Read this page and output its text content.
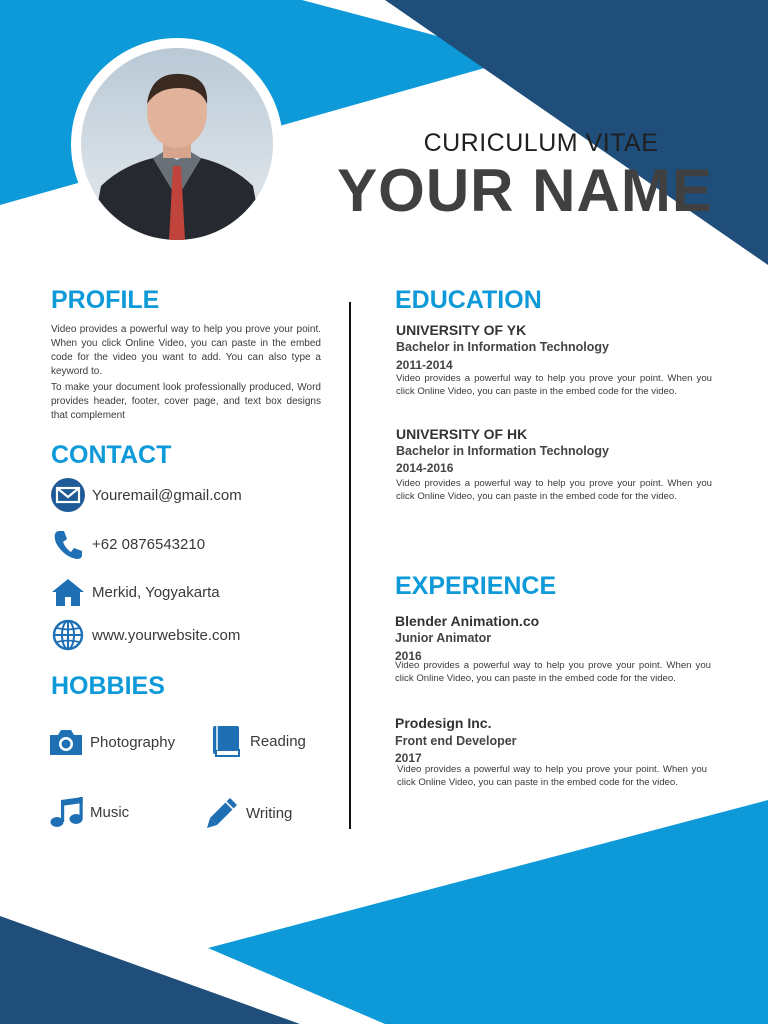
CURICULUM VITAE
YOUR NAME
PROFILE
Video provides a powerful way to help you prove your point. When you click Online Video, you can paste in the embed code for the video you want to add. You can also type a keyword to.
To make your document look professionally produced, Word provides header, footer, cover page, and text box designs that complement
CONTACT
Youremail@gmail.com
+62 0876543210
Merkid, Yogyakarta
www.yourwebsite.com
HOBBIES
Photography	Reading
Music	Writing
EDUCATION
UNIVERSITY OF YK
Bachelor in Information Technology
2011-2014
Video provides a powerful way to help you prove your point. When you click Online Video, you can paste in the embed code for the video.
UNIVERSITY OF HK
Bachelor in Information Technology
2014-2016
Video provides a powerful way to help you prove your point. When you click Online Video, you can paste in the embed code for the video.
EXPERIENCE
Blender Animation.co
Junior Animator
2016
Video provides a powerful way to help you prove your point. When you click Online Video, you can paste in the embed code for the video.
Prodesign Inc.
Front end Developer
2017
Video provides a powerful way to help you prove your point. When you click Online Video, you can paste in the embed code for the video.
